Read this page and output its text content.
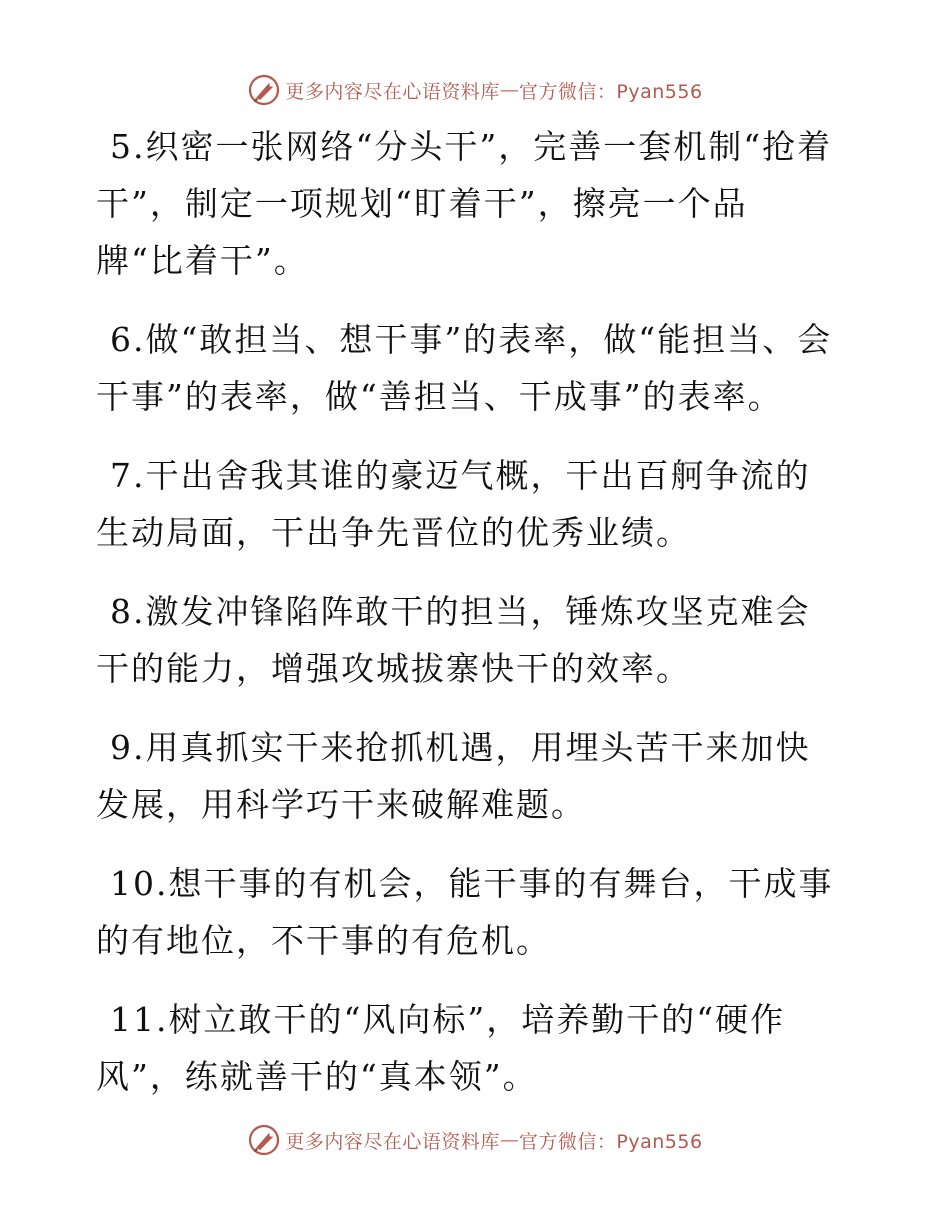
更多内容尽在心语资料库 — 官方微信：Pyan556

5.织密一张网络“分头干”，完善一套机制“抢着干”，制定一项规划“盯着干”，擦亮一个品牌“比着干”。

6.做“敢担当、想干事”的表率，做“能担当、会干事”的表率，做“善担当、干成事”的表率。

7.干出舍我其谁的豪迈气概，干出百舸争流的生动局面，干出争先晋位的优秀业绩。

8.激发冲锋陷阵敢干的担当，锤炼攻坚克难会干的能力，增强攻城拔寨快干的效率。

9.用真抓实干来抢抓机遇，用埋头苦干来加快发展，用科学巧干来破解难题。

10.想干事的有机会，能干事的有舞台，干成事的有地位，不干事的有危机。

11.树立敢干的“风向标”，培养勤干的“硬作风”，练就善干的“真本领”。

更多内容尽在心语资料库 — 官方微信：Pyan556
